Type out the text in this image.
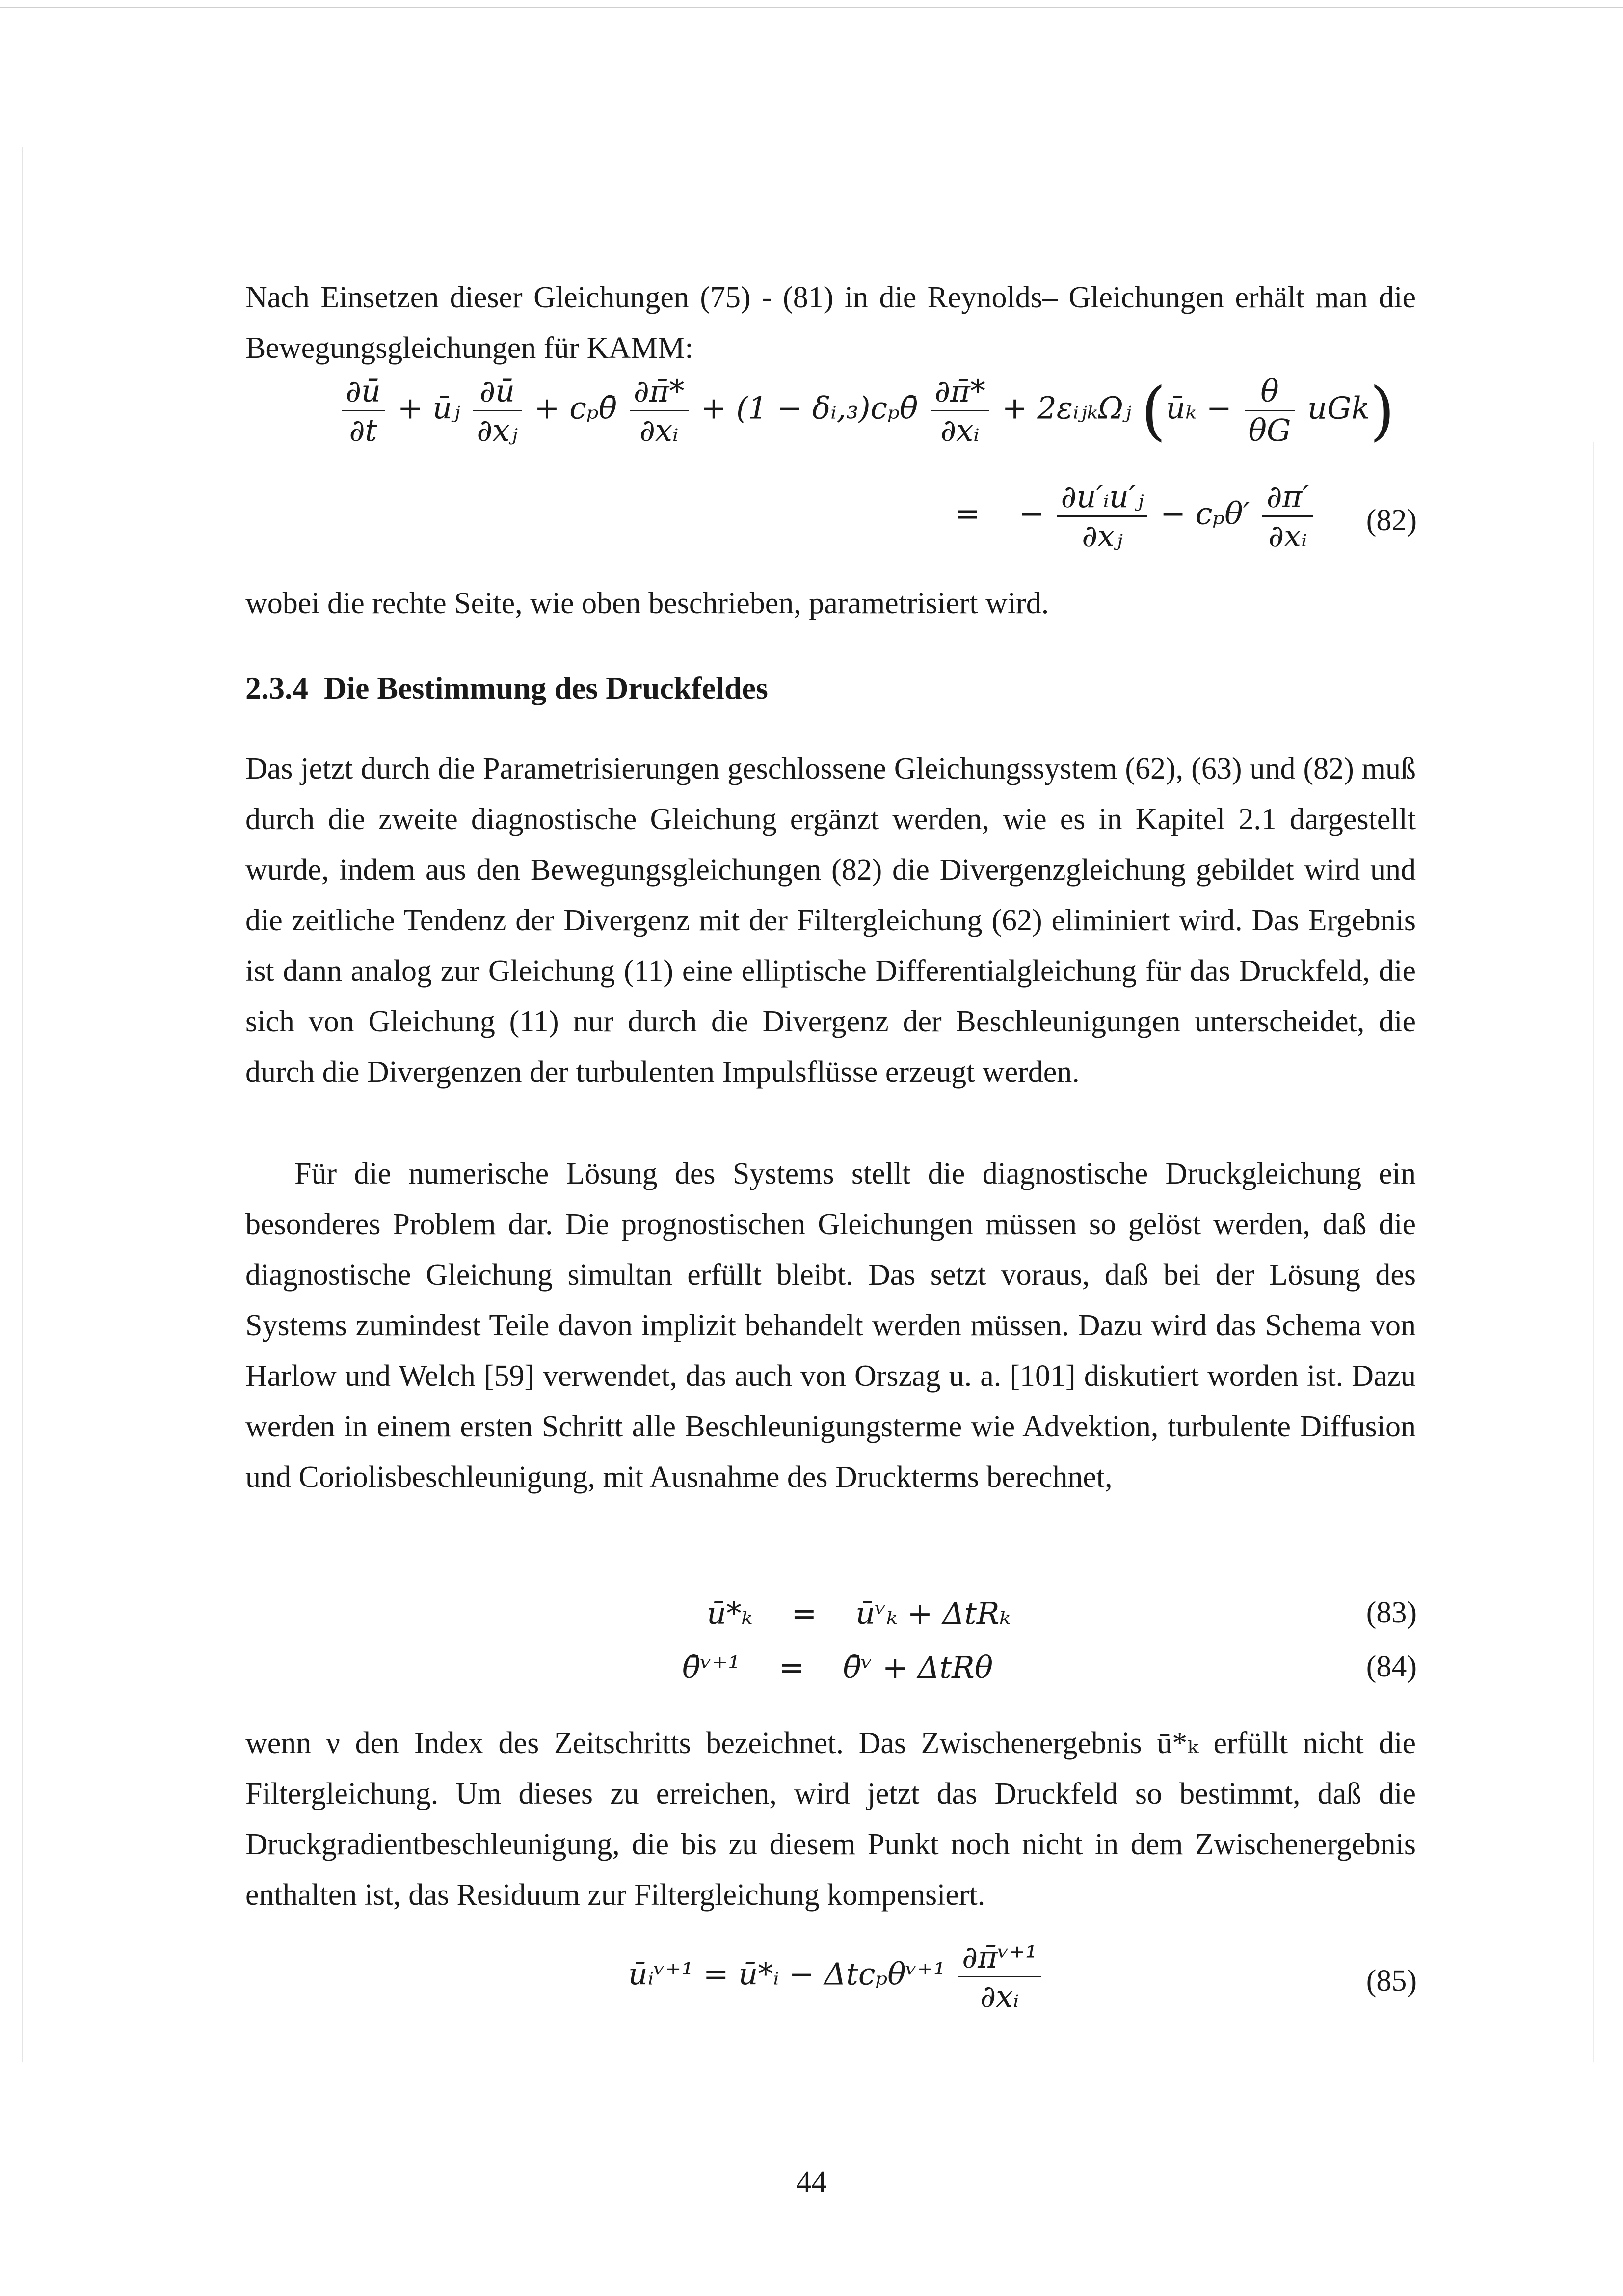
Nach Einsetzen dieser Gleichungen (75) - (81) in die Reynolds– Gleichungen erhält man die Bewegungsgleichungen für KAMM:

$\frac{\partial ū}{\partial t}$ + ūⱼ $\frac{\partial ū}{\text{∂xⱼ}}$ + cₚθ̄ $\frac{\partial\pī*}{\text{∂xᵢ}} + (1$ − δᵢ,₃)cₚθ̄ $\frac{\partial\pī*}{\text{∂xᵢ}}$ + 2εᵢⱼₖΩⱼ (ūₖ − $\frac{\theta}{\theta G} uGk$)
= − $\frac{\text{∂u′ᵢu′ⱼ}}{\text{∂xⱼ}} - c_p\theta' \frac{\partial\pi'}{\text{∂xᵢ}} (82)$

wobei die rechte Seite, wie oben beschrieben, parametrisiert wird.

2.3.4 Die Bestimmung des Druckfeldes

Das jetzt durch die Parametrisierungen geschlossene Gleichungssystem (62), (63) und (82) muß durch die zweite diagnostische Gleichung ergänzt werden, wie es in Kapitel 2.1 dargestellt wurde, indem aus den Bewegungsgleichungen (82) die Divergenzgleichung gebildet wird und die zeitliche Tendenz der Divergenz mit der Filtergleichung (62) eliminiert wird. Das Ergebnis ist dann analog zur Gleichung (11) eine elliptische Differentialgleichung für das Druckfeld, die sich von Gleichung (11) nur durch die Divergenz der Beschleunigungen unterscheidet, die durch die Divergenzen der turbulenten Impulsflüsse erzeugt werden.

Für die numerische Lösung des Systems stellt die diagnostische Druckgleichung ein besonderes Problem dar. Die prognostischen Gleichungen müssen so gelöst werden, daß die diagnostische Gleichung simultan erfüllt bleibt. Das setzt voraus, daß bei der Lösung des Systems zumindest Teile davon implizit behandelt werden müssen. Dazu wird das Schema von Harlow und Welch [59] verwendet, das auch von Orszag u. a. [101] diskutiert worden ist. Dazu werden in einem ersten Schritt alle Beschleunigungsterme wie Advektion, turbulente Diffusion und Coriolisbeschleunigung, mit Ausnahme des Druckterms berechnet,

ū*ₖ = ūᵛₖ + ΔtRₖ	(83)
θ̄ᵛ⁺¹ = θ̄ᵛ + ΔtRθ	(84)

wenn ν den Index des Zeitschritts bezeichnet. Das Zwischenergebnis ū*ₖ erfüllt nicht die Filtergleichung. Um dieses zu erreichen, wird jetzt das Druckfeld so bestimmt, daß die Druckgradientbeschleunigung, die bis zu diesem Punkt noch nicht in dem Zwischenergebnis enthalten ist, das Residuum zur Filtergleichung kompensiert.

ūᵢᵛ⁺¹ = ū*ᵢ − Δtcₚθᵛ⁺¹ $\frac{\text{∂π̄ᵛ⁺¹}}{\text{∂xᵢ}}$	(85)
44
